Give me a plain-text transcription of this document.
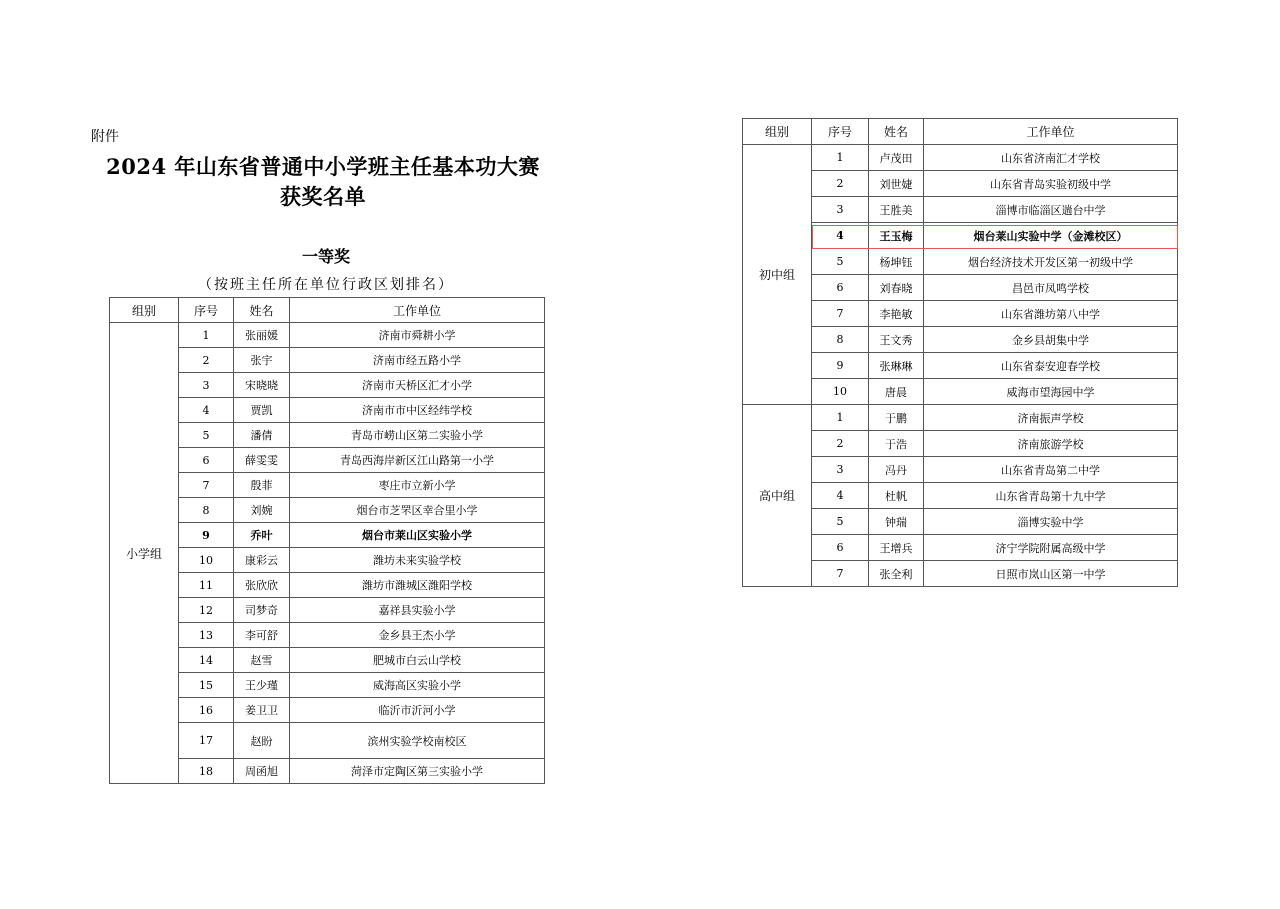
附件
2024 年山东省普通中小学班主任基本功大赛
获奖名单
一等奖
（按班主任所在单位行政区划排名）
组别	序号	姓名	工作单位
小学组	1	张丽媛	济南市舜耕小学
	2	张宇	济南市经五路小学
	3	宋晓晓	济南市天桥区汇才小学
	4	贾凯	济南市市中区经纬学校
	5	潘倩	青岛市崂山区第二实验小学
	6	薛雯雯	青岛西海岸新区江山路第一小学
	7	殷菲	枣庄市立新小学
	8	刘婉	烟台市芝罘区幸合里小学
	9	乔叶	烟台市莱山区实验小学
	10	康彩云	潍坊未来实验学校
	11	张欣欣	潍坊市潍城区潍阳学校
	12	司梦奇	嘉祥县实验小学
	13	李可舒	金乡县王杰小学
	14	赵雪	肥城市白云山学校
	15	王少瑾	威海高区实验小学
	16	姜卫卫	临沂市沂河小学
	17	赵盼	滨州实验学校南校区
	18	周函旭	菏泽市定陶区第三实验小学
组别	序号	姓名	工作单位
初中组	1	卢茂田	山东省济南汇才学校
	2	刘世婕	山东省青岛实验初级中学
	3	王胜美	淄博市临淄区遄台中学
	4	王玉梅	烟台莱山实验中学（金滩校区）
	5	杨坤钰	烟台经济技术开发区第一初级中学
	6	刘春晓	昌邑市凤鸣学校
	7	李艳敏	山东省潍坊第八中学
	8	王文秀	金乡县胡集中学
	9	张琳琳	山东省泰安迎春学校
	10	唐晨	威海市望海园中学
高中组	1	于鹏	济南振声学校
	2	于浩	济南旅游学校
	3	冯丹	山东省青岛第二中学
	4	杜帆	山东省青岛第十九中学
	5	钟瑞	淄博实验中学
	6	王增兵	济宁学院附属高级中学
	7	张全利	日照市岚山区第一中学
